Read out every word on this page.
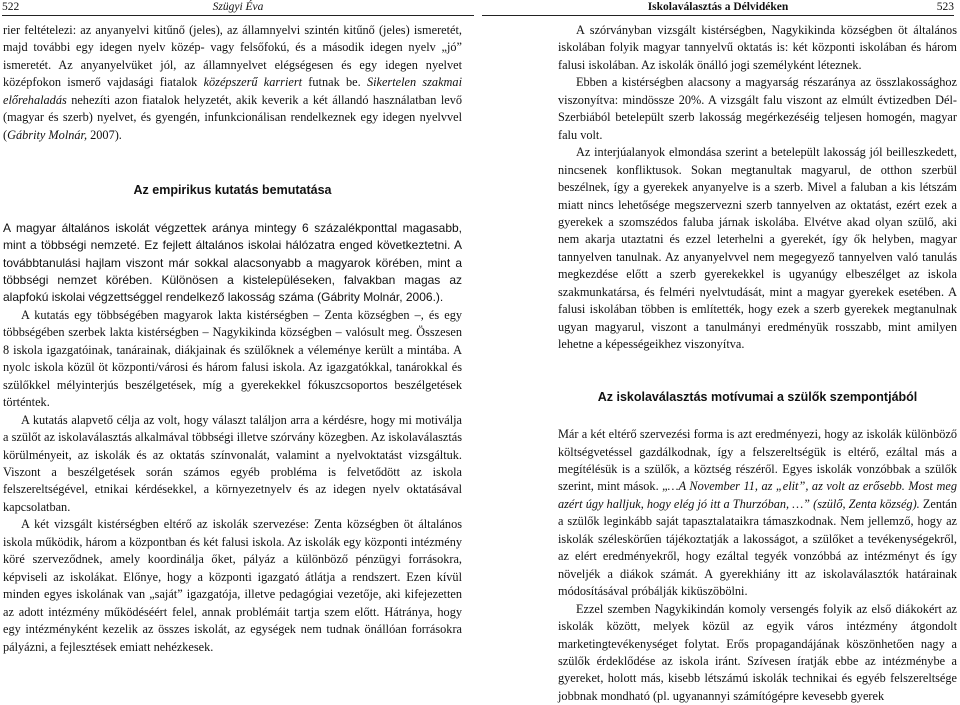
522	Szügyi Éva

rier feltételezi: az anyanyelvi kitűnő (jeles), az államnyelvi szintén kitűnő (jeles) ismeretét, majd további egy idegen nyelv közép- vagy felsőfokú, és a második idegen nyelv „jó” ismeretét. Az anyanyelvüket jól, az államnyelvet elégségesen és egy idegen nyelvet középfokon ismerő vajdasági fiatalok középszerű karriert futnak be. Sikertelen szakmai előrehaladás nehezíti azon fiatalok helyzetét, akik keverik a két állandó használatban levő (magyar és szerb) nyelvet, és gyengén, infunkcionálisan rendelkeznek egy idegen nyelvvel (Gábrity Molnár, 2007).

Az empirikus kutatás bemutatása

A magyar általános iskolát végzettek aránya mintegy 6 százalékponttal magasabb, mint a többségi nemzeté. Ez fejlett általános iskolai hálózatra enged következtetni. A továbbtanulási hajlam viszont már sokkal alacsonyabb a magyarok körében, mint a többségi nemzet körében. Különösen a kistelepüléseken, falvakban magas az alapfokú iskolai végzettséggel rendelkező lakosság száma (Gábrity Molnár, 2006.).

A kutatás egy többségében magyarok lakta kistérségben – Zenta községben –, és egy többségében szerbek lakta kistérségben – Nagykikinda községben – valósult meg. Összesen 8 iskola igazgatóinak, tanárainak, diákjainak és szülőknek a véleménye került a mintába. A nyolc iskola közül öt központi/városi és három falusi iskola. Az igazgatókkal, tanárokkal és szülőkkel mélyinterjús beszélgetések, míg a gyerekekkel fókuszcsoportos beszélgetések történtek.

A kutatás alapvető célja az volt, hogy választ találjon arra a kérdésre, hogy mi motiválja a szülőt az iskolaválasztás alkalmával többségi illetve szórvány közegben. Az iskolaválasztás körülményeit, az iskolák és az oktatás színvonalát, valamint a nyelvoktatást vizsgáltuk. Viszont a beszélgetések során számos egyéb probléma is felvetődött az iskola felszereltségével, etnikai kérdésekkel, a környezetnyelv és az idegen nyelv oktatásával kapcsolatban.

A két vizsgált kistérségben eltérő az iskolák szervezése: Zenta községben öt általános iskola működik, három a központban és két falusi iskola. Az iskolák egy központi intézmény köré szerveződnek, amely koordinálja őket, pályáz a különböző pénzügyi forrásokra, képviseli az iskolákat. Előnye, hogy a központi igazgató átlátja a rendszert. Ezen kívül minden egyes iskolának van „saját” igazgatója, illetve pedagógiai vezetője, aki kifejezetten az adott intézmény működéséért felel, annak problémáit tartja szem előtt. Hátránya, hogy egy intézményként kezelik az összes iskolát, az egységek nem tudnak önállóan forrásokra pályázni, a fejlesztések emiatt nehézkesek.

Iskolaválasztás a Délvidéken	523

A szórványban vizsgált kistérségben, Nagykikinda községben öt általános iskolában folyik magyar tannyelvű oktatás is: két központi iskolában és három falusi iskolában. Az iskolák önálló jogi személyként léteznek.

Ebben a kistérségben alacsony a magyarság részaránya az összlakossághoz viszonyítva: mindössze 20%. A vizsgált falu viszont az elmúlt évtizedben Dél-Szerbiából betelepült szerb lakosság megérkezéséig teljesen homogén, magyar falu volt.

Az interjúalanyok elmondása szerint a betelepült lakosság jól beilleszkedett, nincsenek konfliktusok. Sokan megtanultak magyarul, de otthon szerbül beszélnek, így a gyerekek anyanyelve is a szerb. Mivel a faluban a kis létszám miatt nincs lehetősége megszervezni szerb tannyelven az oktatást, ezért ezek a gyerekek a szomszédos faluba járnak iskolába. Elvétve akad olyan szülő, aki nem akarja utaztatni és ezzel leterhelni a gyerekét, így ők helyben, magyar tannyelven tanulnak. Az anyanyelvvel nem megegyező tannyelven való tanulás megkezdése előtt a szerb gyerekekkel is ugyanúgy elbeszélget az iskola szakmunkatársa, és felméri nyelvtudását, mint a magyar gyerekek esetében. A falusi iskolában többen is említették, hogy ezek a szerb gyerekek megtanulnak ugyan magyarul, viszont a tanulmányi eredményük rosszabb, mint amilyen lehetne a képességeikhez viszonyítva.

Az iskolaválasztás motívumai a szülők szempontjából

Már a két eltérő szervezési forma is azt eredményezi, hogy az iskolák különböző költségvetéssel gazdálkodnak, így a felszereltségük is eltérő, ezáltal más a megítélésük is a szülők, a köztség részéről. Egyes iskolák vonzóbbak a szülők szerint, mint mások. „…A November 11, az „elit”, az volt az erősebb. Most meg azért úgy halljuk, hogy elég jó itt a Thurzóban, …” (szülő, Zenta község). Zentán a szülők leginkább saját tapasztalataikra támaszkodnak. Nem jellemző, hogy az iskolák széleskörűen tájékoztatják a lakosságot, a szülőket a tevékenységekről, az elért eredményekről, hogy ezáltal tegyék vonzóbbá az intézményt és így növeljék a diákok számát. A gyerekhiány itt az iskolaválasztók határainak módosításával próbálják kiküszöbölni.

Ezzel szemben Nagykikindán komoly versengés folyik az első diákokért az iskolák között, melyek közül az egyik város intézmény átgondolt marketingtevékenységet folytat. Erős propagandájának köszönhetően nagy a szülők érdeklődése az iskola iránt. Szívesen íratják ebbe az intézménybe a gyereket, holott más, kisebb létszámú iskolák technikai és egyéb felszereltsége jobbnak mondható (pl. ugyanannyi számítógépre kevesebb gyerek
